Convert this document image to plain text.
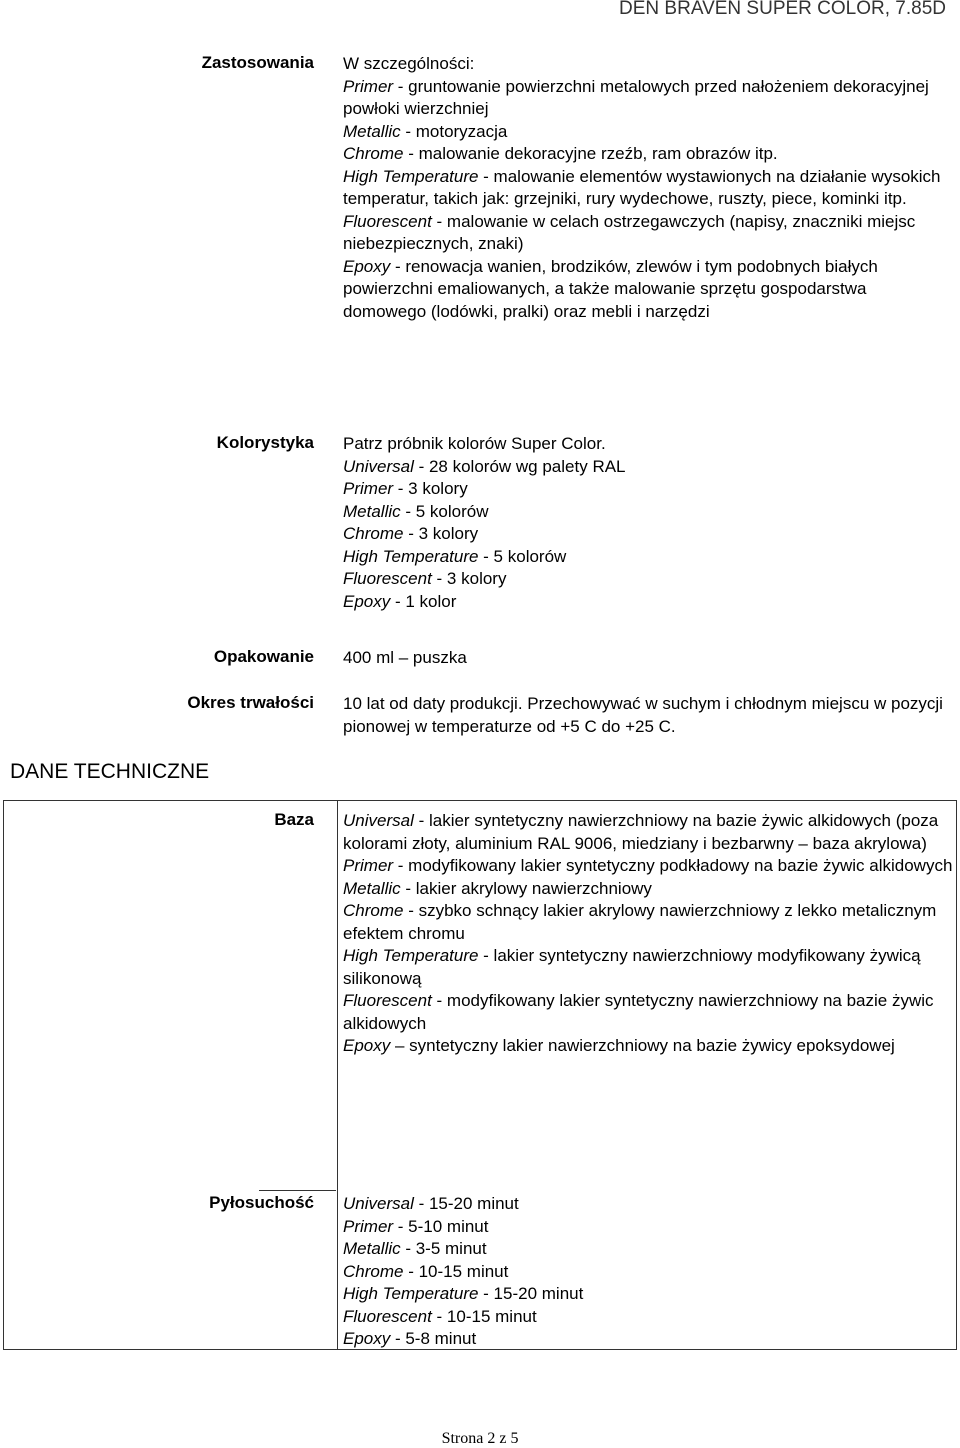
DEN BRAVEN SUPER COLOR, 7.85D
Zastosowania W szczególności:

Primer - gruntowanie powierzchni metalowych przed nałożeniem dekoracyjnej powłoki wierzchniej

Metallic - motoryzacja

Chrome - malowanie dekoracyjne rzeźb, ram obrazów itp.

High Temperature - malowanie elementów wystawionych na działanie wysokich temperatur, takich jak: grzejniki, rury wydechowe, ruszty, piece, kominki itp.

Fluorescent - malowanie w celach ostrzegawczych (napisy, znaczniki miejsc niebezpiecznych, znaki)

Epoxy - renowacja wanien, brodzików, zlewów i tym podobnych białych powierzchni emaliowanych, a także malowanie sprzętu gospodarstwa domowego (lodówki, pralki) oraz mebli i narzędzi

Kolorystyka Patrz próbnik kolorów Super Color.

Universal - 28 kolorów wg palety RAL

Primer - 3 kolory

Metallic - 5 kolorów

Chrome - 3 kolory

High Temperature - 5 kolorów

Fluorescent - 3 kolory

Epoxy - 1 kolor

Opakowanie 400 ml – puszka

Okres trwałości 10 lat od daty produkcji. Przechowywać w suchym i chłodnym miejscu w pozycji pionowej w temperaturze od +5 C do +25 C.

DANE TECHNICZNE
Baza Universal - lakier syntetyczny nawierzchniowy na bazie żywic alkidowych (poza kolorami złoty, aluminium RAL 9006, miedziany i bezbarwny – baza akrylowa)

Primer - modyfikowany lakier syntetyczny podkładowy na bazie żywic alkidowych

Metallic - lakier akrylowy nawierzchniowy

Chrome - szybko schnący lakier akrylowy nawierzchniowy z lekko metalicznym efektem chromu

High Temperature - lakier syntetyczny nawierzchniowy modyfikowany żywicą silikonową

Fluorescent - modyfikowany lakier syntetyczny nawierzchniowy na bazie żywic alkidowych

Epoxy – syntetyczny lakier nawierzchniowy na bazie żywicy epoksydowej

Pyłosuchość Universal - 15-20 minut

Primer - 5-10 minut

Metallic - 3-5 minut

Chrome - 10-15 minut

High Temperature - 15-20 minut

Fluorescent - 10-15 minut

Epoxy - 5-8 minut

Strona 2 z 5
